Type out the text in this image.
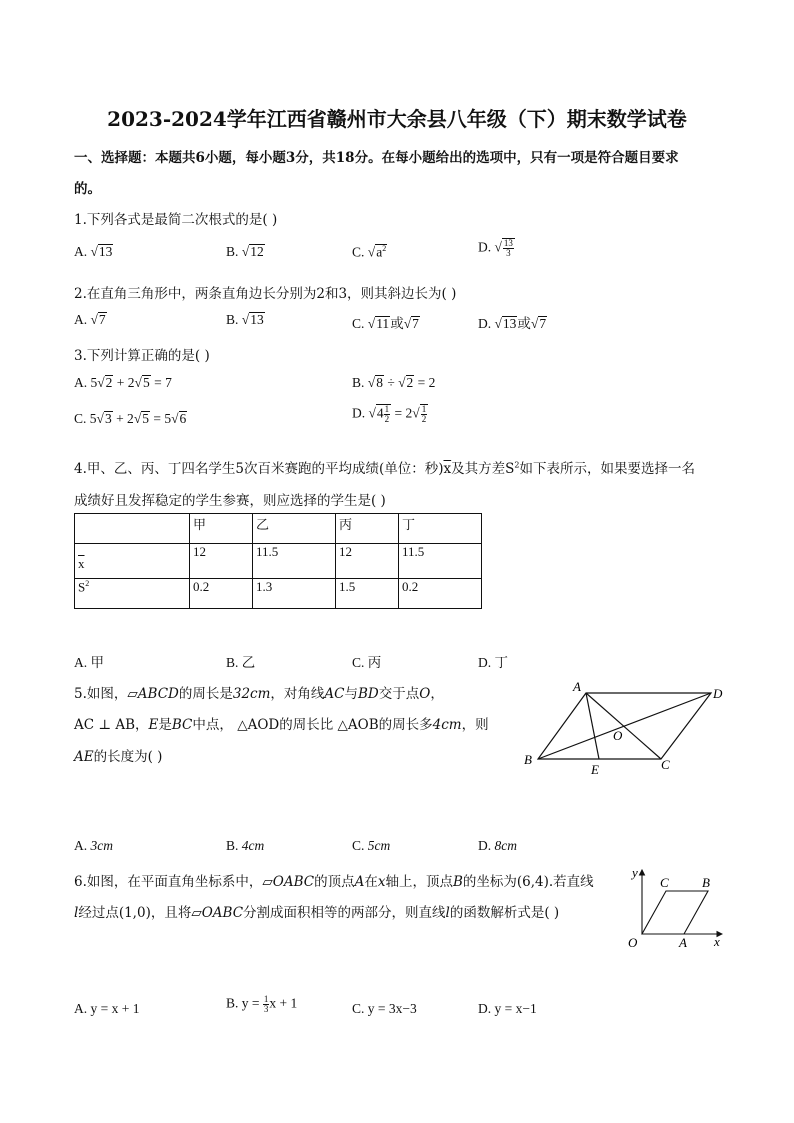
2023-2024学年江西省赣州市大余县八年级（下）期末数学试卷
一、选择题：本题共6小题，每小题3分，共18分。在每小题给出的选项中，只有一项是符合题目要求
的。
1.下列各式是最简二次根式的是( )
A. √13	B. √12	C. $√a^2$	D. √ $\frac{13}{3}$
2.在直角三角形中，两条直角边长分别为2和3，则其斜边长为( )
A. √7	B. √13	C. √11或√7	D. √13或√7
3.下列计算正确的是( )
A. 5√2 + 2√5 = 7	B. √8 ÷ √2 = 2
C. 5√3 + 2√5 = 5√6	D. $√4 \frac{1}{2} = 2√ \frac{1}{2}$
4.甲、乙、丙、丁四名学生5次百米赛跑的平均成绩(单位：秒)$\overline{x}$及其方差$S^2$如下表所示，如果要选择一名
成绩好且发挥稳定的学生参赛，则应选择的学生是( )
	甲	乙	丙	丁
$\overline{x}$	12	11.5	12	11.5
$S^2$	0.2	1.3	1.5	0.2
A. 甲	B. 乙	C. 丙	D. 丁
5.如图，▱ABCD的周长是32cm，对角线AC与BD交于点O，
AC ⊥ AB，E是BC中点， △AOD的周长比 △AOB的周长多4cm，则
AE的长度为( )
A	D
B	C
O
E
A. 3cm	B. 4cm	C. 5cm	D. 8cm
6.如图，在平面直角坐标系中，▱OABC的顶点A在x轴上，顶点B的坐标为(6,4).若直线
l经过点(1,0)，且将▱OABC分割成面积相等的两部分，则直线l的函数解析式是( )
y
x
O	A
B
C
A. y = x + 1	B. $y = \frac{1}{3}$ x + 1	C. y = 3x−3	D. y = x−1
